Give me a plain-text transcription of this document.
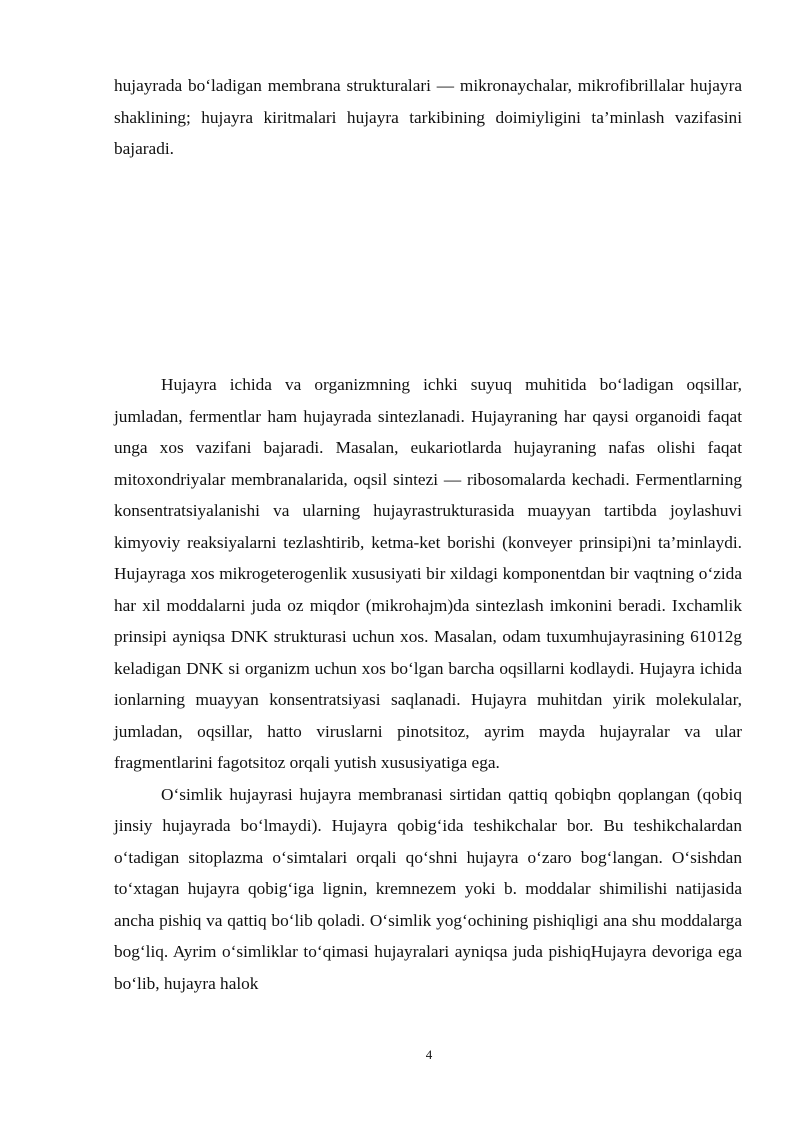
hujayrada bo‘ladigan membrana strukturalari — mikronaychalar, mikrofibrillalar hujayra shaklining; hujayra kiritmalari hujayra tarkibining doimiyligini ta’minlash vazifasini bajaradi.

Hujayra ichida va organizmning ichki suyuq muhitida bo‘ladigan oqsillar, jumladan, fermentlar ham hujayrada sintezlanadi. Hujayraning har qaysi organoidi faqat unga xos vazifani bajaradi. Masalan, eukariotlarda hujayraning nafas olishi faqat mitoxondriyalar membranalarida, oqsil sintezi — ribosomalarda kechadi. Fermentlarning konsentratsiyalanishi va ularning hujayrastrukturasida muayyan tartibda joylashuvi kimyoviy reaksiyalarni tezlashtirib, ketma-ket borishi (konveyer prinsipi)ni ta’minlaydi. Hujayraga xos mikrogeterogenlik xususiyati bir xildagi komponentdan bir vaqtning o‘zida har xil moddalarni juda oz miqdor (mikrohajm)da sintezlash imkonini beradi. Ixchamlik prinsipi ayniqsa DNK strukturasi uchun xos. Masalan, odam tuxumhujayrasining 61012g keladigan DNK si organizm uchun xos bo‘lgan barcha oqsillarni kodlaydi. Hujayra ichida ionlarning muayyan konsentratsiyasi saqlanadi. Hujayra muhitdan yirik molekulalar, jumladan, oqsillar, hatto viruslarni pinotsitoz, ayrim mayda hujayralar va ular fragmentlarini fagotsitoz orqali yutish xususiyatiga ega.

O‘simlik hujayrasi hujayra membranasi sirtidan qattiq qobiqbn qoplangan (qobiq jinsiy hujayrada bo‘lmaydi). Hujayra qobig‘ida teshikchalar bor. Bu teshikchalardan o‘tadigan sitoplazma o‘simtalari orqali qo‘shni hujayra o‘zaro bog‘langan. O‘sishdan to‘xtagan hujayra qobig‘iga lignin, kremnezem yoki b. moddalar shimilishi natijasida ancha pishiq va qattiq bo‘lib qoladi. O‘simlik yog‘ochining pishiqligi ana shu moddalarga bog‘liq. Ayrim o‘simliklar to‘qimasi hujayralari ayniqsa juda pishiqHujayra devoriga ega bo‘lib, hujayra halok

4
